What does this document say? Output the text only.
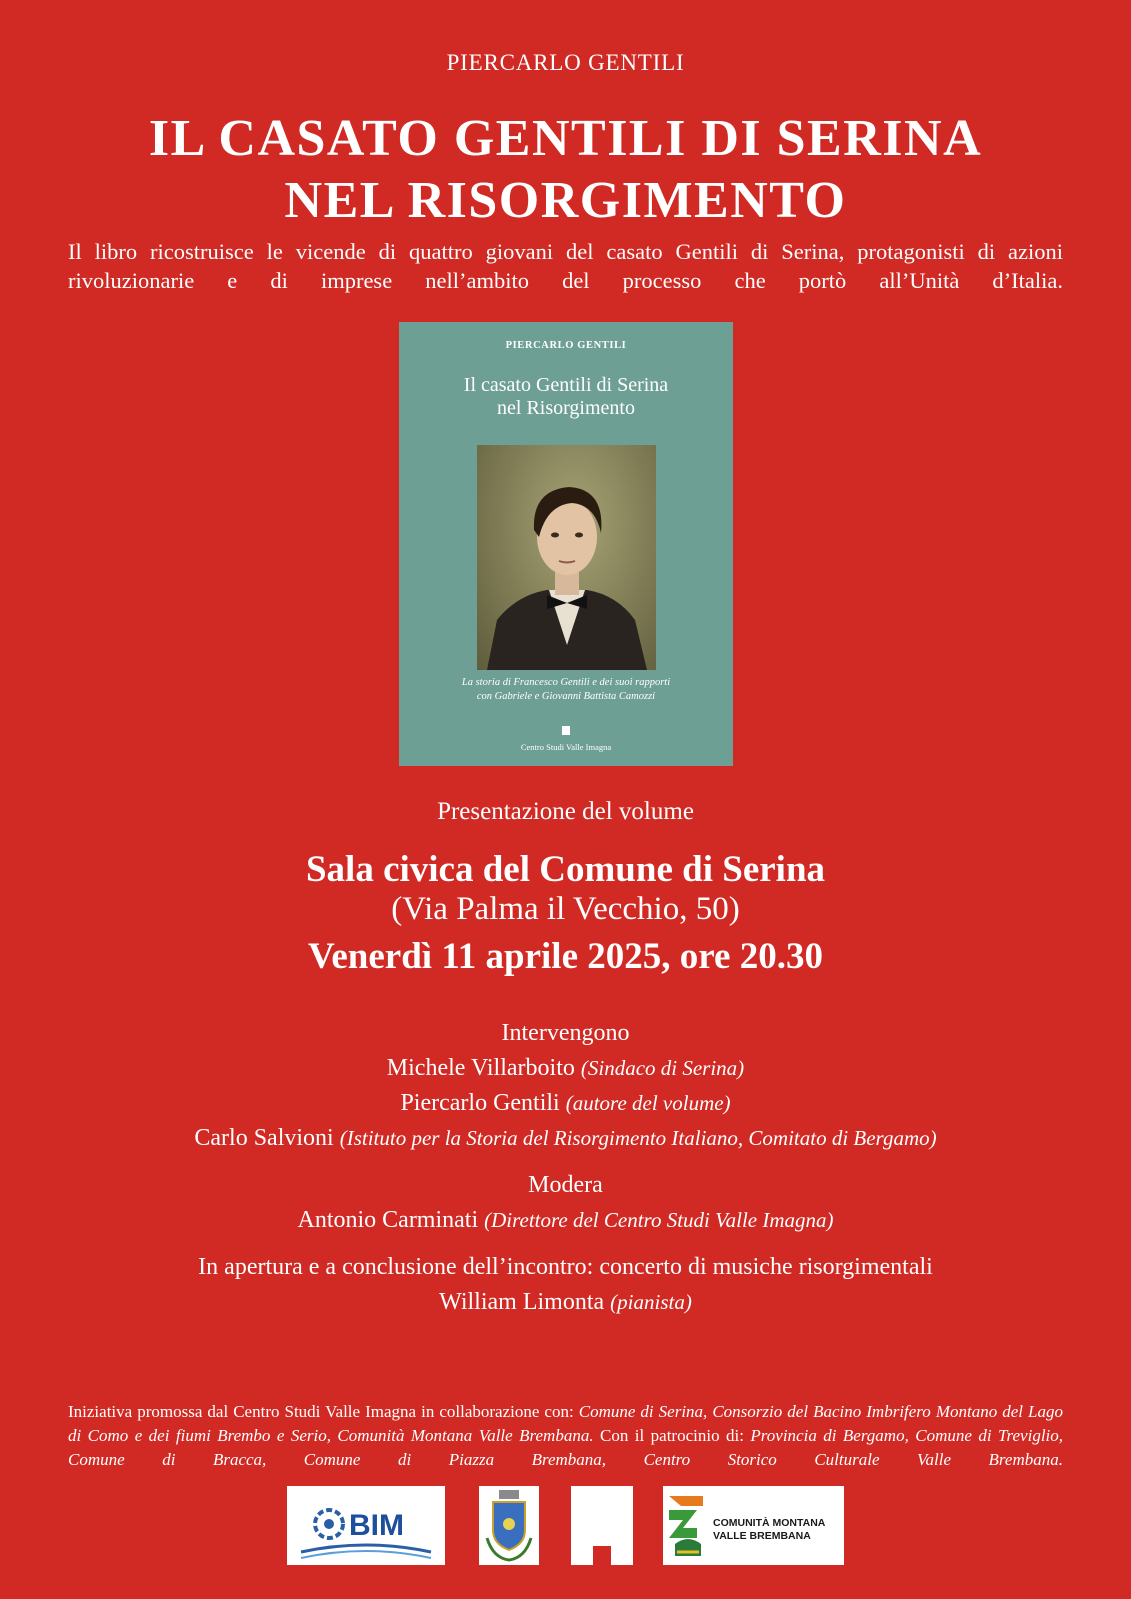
PIERCARLO GENTILI
IL CASATO GENTILI DI SERINA
NEL RISORGIMENTO
Il libro ricostruisce le vicende di quattro giovani del casato Gentili di Serina, protagonisti di azioni rivoluzionarie e di imprese nell’ambito del processo che portò all’Unità d’Italia.
PIERCARLO GENTILI
Il casato Gentili di Serina
nel Risorgimento
La storia di Francesco Gentili e dei suoi rapporti
con Gabriele e Giovanni Battista Camozzi
Centro Studi Valle Imagna
Presentazione del volume
Sala civica del Comune di Serina
(Via Palma il Vecchio, 50)
Venerdì 11 aprile 2025, ore 20.30
Intervengono
Michele Villarboito (Sindaco di Serina)
Piercarlo Gentili (autore del volume)
Carlo Salvioni (Istituto per la Storia del Risorgimento Italiano, Comitato di Bergamo)
Modera
Antonio Carminati (Direttore del Centro Studi Valle Imagna)
In apertura e a conclusione dell’incontro: concerto di musiche risorgimentali
William Limonta (pianista)
Iniziativa promossa dal Centro Studi Valle Imagna in collaborazione con: Comune di Serina, Consorzio del Bacino Imbrifero Montano del Lago di Como e dei fiumi Brembo e Serio, Comunità Montana Valle Brembana. Con il patrocinio di: Provincia di Bergamo, Comune di Treviglio, Comune di Bracca, Comune di Piazza Brembana, Centro Storico Culturale Valle Brembana.
BIM	COMUNITÀ MONTANA
VALLE BREMBANA
